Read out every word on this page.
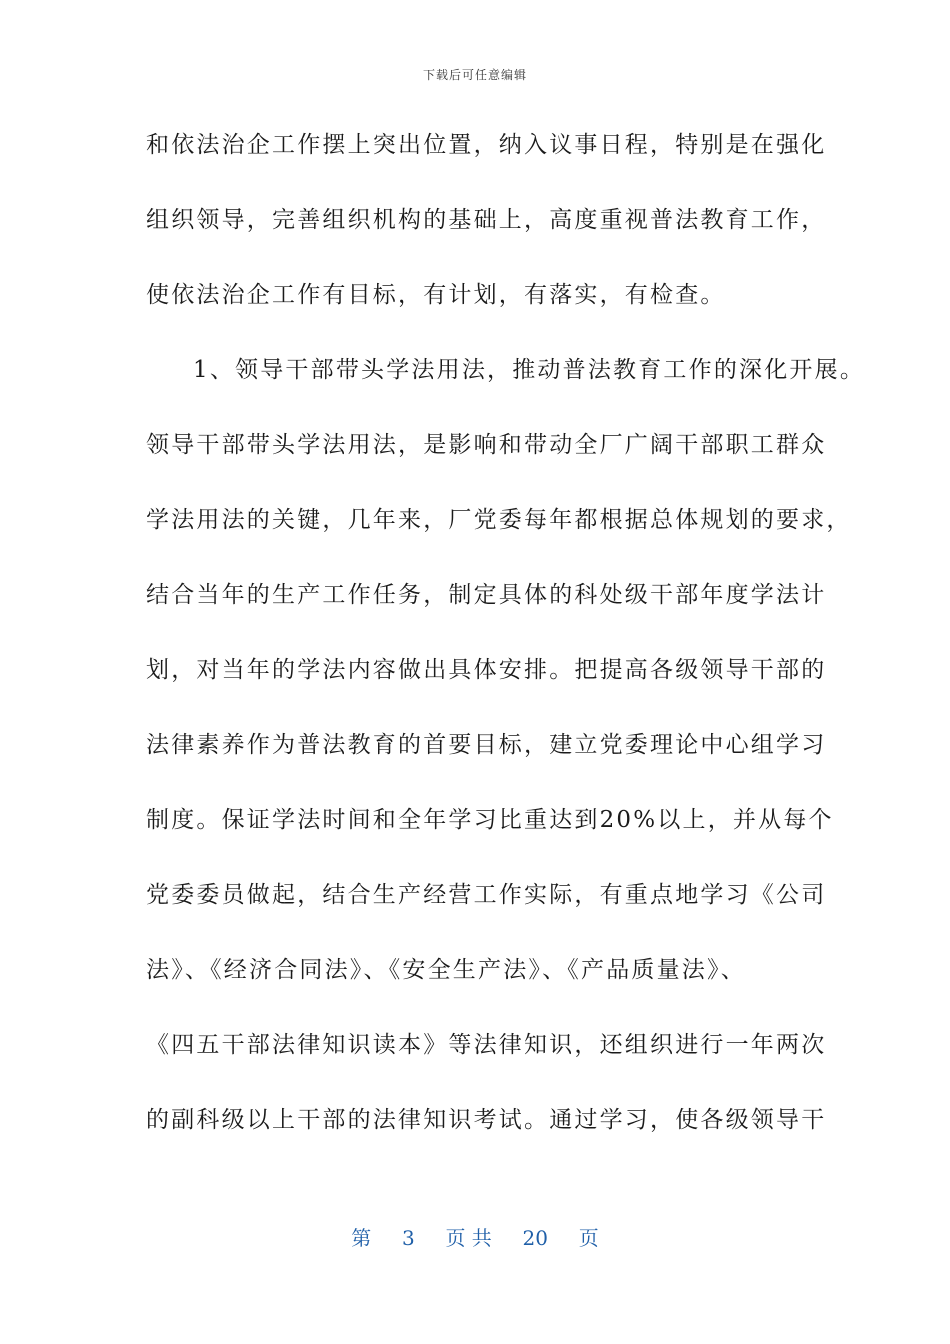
下载后可任意编辑
和依法治企工作摆上突出位置，纳入议事日程，特别是在强化
组织领导，完善组织机构的基础上，高度重视普法教育工作，
使依法治企工作有目标，有计划，有落实，有检查。
1、领导干部带头学法用法，推动普法教育工作的深化开展。
领导干部带头学法用法，是影响和带动全厂广阔干部职工群众
学法用法的关键，几年来，厂党委每年都根据总体规划的要求，
结合当年的生产工作任务，制定具体的科处级干部年度学法计
划，对当年的学法内容做出具体安排。把提高各级领导干部的
法律素养作为普法教育的首要目标，建立党委理论中心组学习
制度。保证学法时间和全年学习比重达到20%以上，并从每个
党委委员做起，结合生产经营工作实际，有重点地学习《公司
法》、《经济合同法》、《安全生产法》、《产品质量法》、
《四五干部法律知识读本》等法律知识，还组织进行一年两次
的副科级以上干部的法律知识考试。通过学习，使各级领导干
第 3 页 共 20 页
